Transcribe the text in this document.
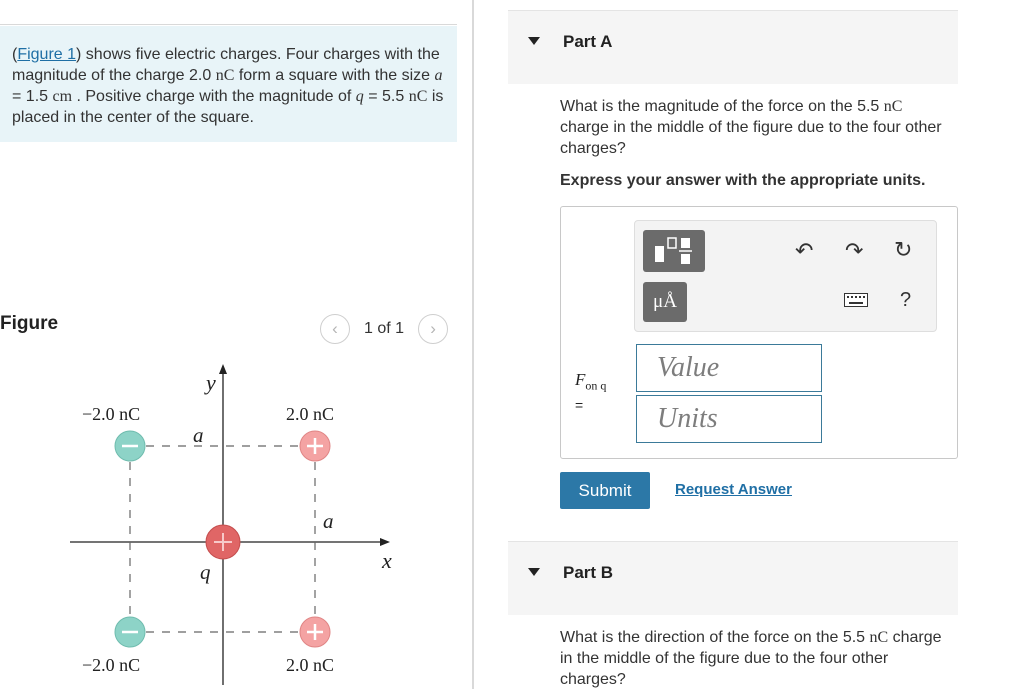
(Figure 1) shows five electric charges. Four charges with the magnitude of the charge 2.0 nC form a square with the size a = 1.5 cm . Positive charge with the magnitude of q = 5.5 nC is placed in the center of the square.

Figure	‹	1 of 1	›
y
x
a
a
q
−2.0 nC	2.0 nC
−2.0 nC	2.0 nC
Part A

What is the magnitude of the force on the 5.5 nC charge in the middle of the figure due to the four other charges?

Express your answer with the appropriate units.
μÅ
↶ ↷ ↻
?
$F_{on q}$
=
Value
Units
Submit	Request Answer
Part B

What is the direction of the force on the 5.5 nC charge in the middle of the figure due to the four other charges?
